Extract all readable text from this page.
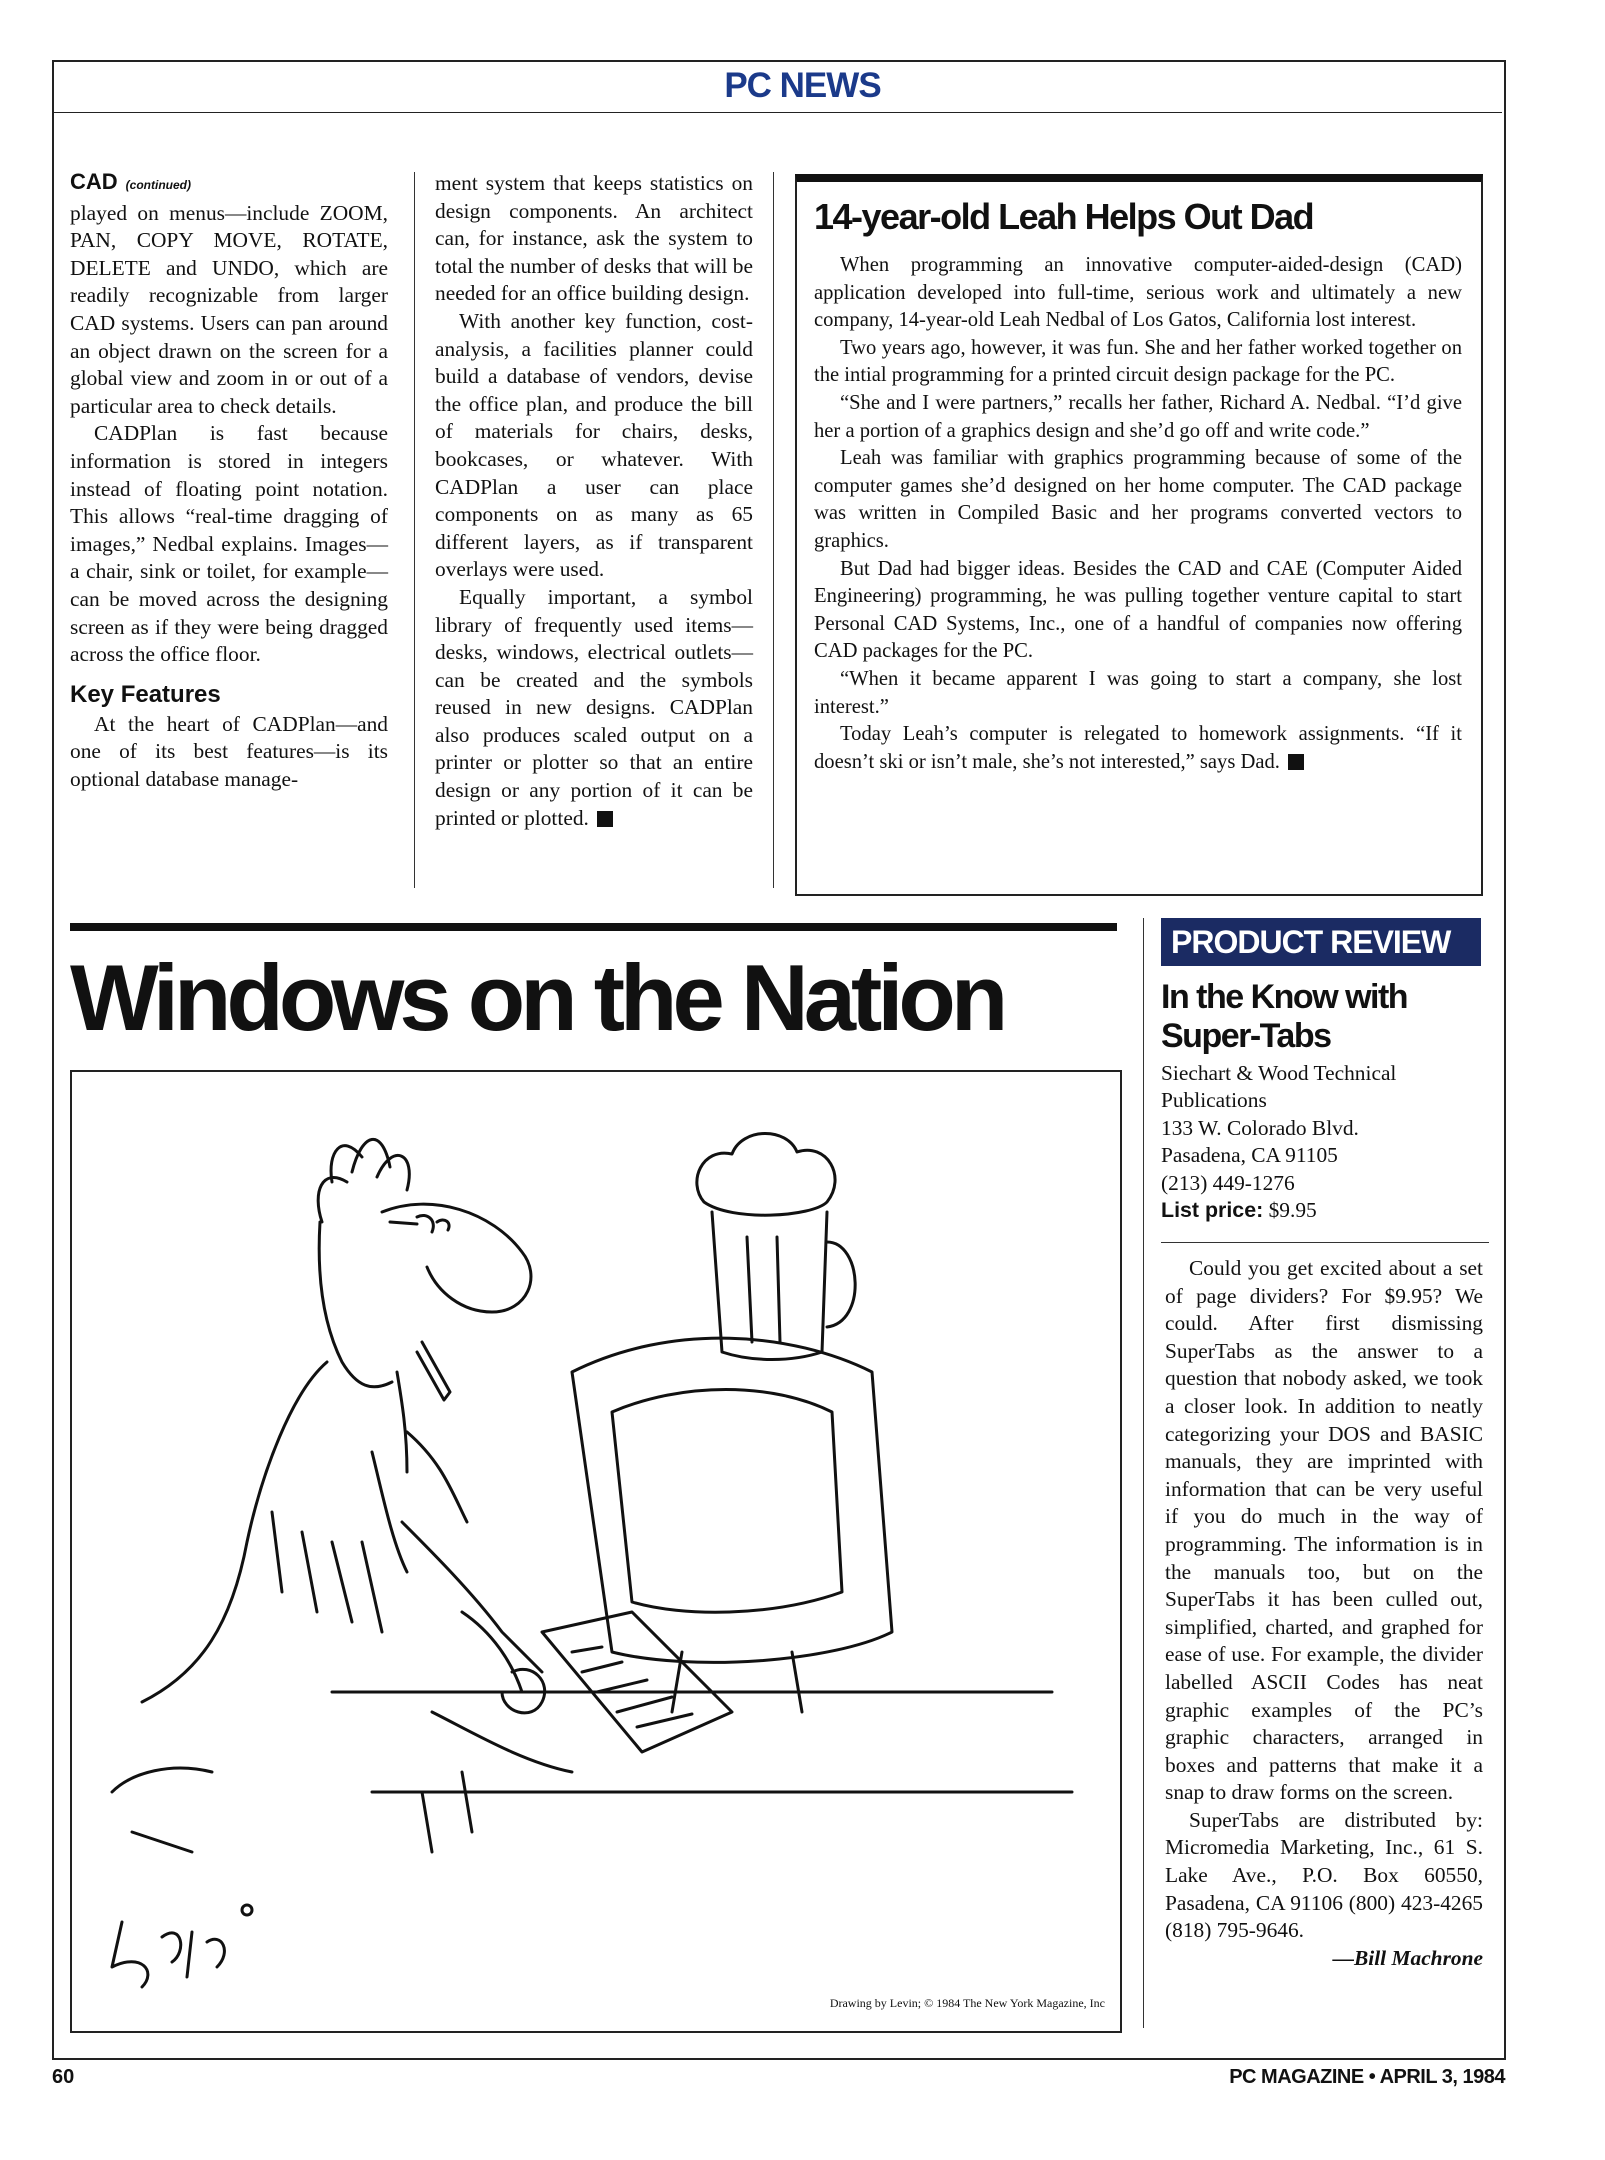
PC NEWS
CAD (continued)

played on menus—include ZOOM, PAN, COPY MOVE, ROTATE, DELETE and UNDO, which are readily recognizable from larger CAD systems. Users can pan around an object drawn on the screen for a global view and zoom in or out of a particular area to check details.

CADPlan is fast because information is stored in integers instead of floating point notation. This allows “real-time dragging of images,” Nedbal explains. Images—a chair, sink or toilet, for example—can be moved across the designing screen as if they were being dragged across the office floor.

Key Features

At the heart of CADPlan—and one of its best features—is its optional database manage-

ment system that keeps statistics on design components. An architect can, for instance, ask the system to total the number of desks that will be needed for an office building design.

With another key function, cost-analysis, a facilities planner could build a database of vendors, devise the office plan, and produce the bill of materials for chairs, desks, bookcases, or whatever. With CADPlan a user can place components on as many as 65 different layers, as if transparent overlays were used.

Equally important, a symbol library of frequently used items—desks, windows, electrical outlets—can be created and the symbols reused in new designs. CADPlan also produces scaled output on a printer or plotter so that an entire design or any portion of it can be printed or plotted.

14-year-old Leah Helps Out Dad

When programming an innovative computer-aided-design (CAD) application developed into full-time, serious work and ultimately a new company, 14-year-old Leah Nedbal of Los Gatos, California lost interest.

Two years ago, however, it was fun. She and her father worked together on the intial programming for a printed circuit design package for the PC.

“She and I were partners,” recalls her father, Richard A. Nedbal. “I’d give her a portion of a graphics design and she’d go off and write code.”

Leah was familiar with graphics programming because of some of the computer games she’d designed on her home computer. The CAD package was written in Compiled Basic and her programs converted vectors to graphics.

But Dad had bigger ideas. Besides the CAD and CAE (Computer Aided Engineering) programming, he was pulling together venture capital to start Personal CAD Systems, Inc., one of a handful of companies now offering CAD packages for the PC.

“When it became apparent I was going to start a company, she lost interest.”

Today Leah’s computer is relegated to homework assignments. “If it doesn’t ski or isn’t male, she’s not interested,” says Dad.

Windows on the Nation
Drawing by Levin; © 1984 The New York Magazine, Inc
PRODUCT REVIEW
In the Know with Super-Tabs
Siechart & Wood Technical Publications
133 W. Colorado Blvd.
Pasadena, CA 91105
(213) 449-1276
List price: $9.95

Could you get excited about a set of page dividers? For $9.95? We could. After first dismissing SuperTabs as the answer to a question that nobody asked, we took a closer look. In addition to neatly categorizing your DOS and BASIC manuals, they are imprinted with information that can be very useful if you do much in the way of programming. The information is in the manuals too, but on the SuperTabs it has been culled out, simplified, charted, and graphed for ease of use. For example, the divider labelled ASCII Codes has neat graphic examples of the PC’s graphic characters, arranged in boxes and patterns that make it a snap to draw forms on the screen.

SuperTabs are distributed by: Micromedia Marketing, Inc., 61 S. Lake Ave., P.O. Box 60550, Pasadena, CA 91106 (800) 423-4265 (818) 795-9646.

—Bill Machrone
60	PC MAGAZINE • APRIL 3, 1984
